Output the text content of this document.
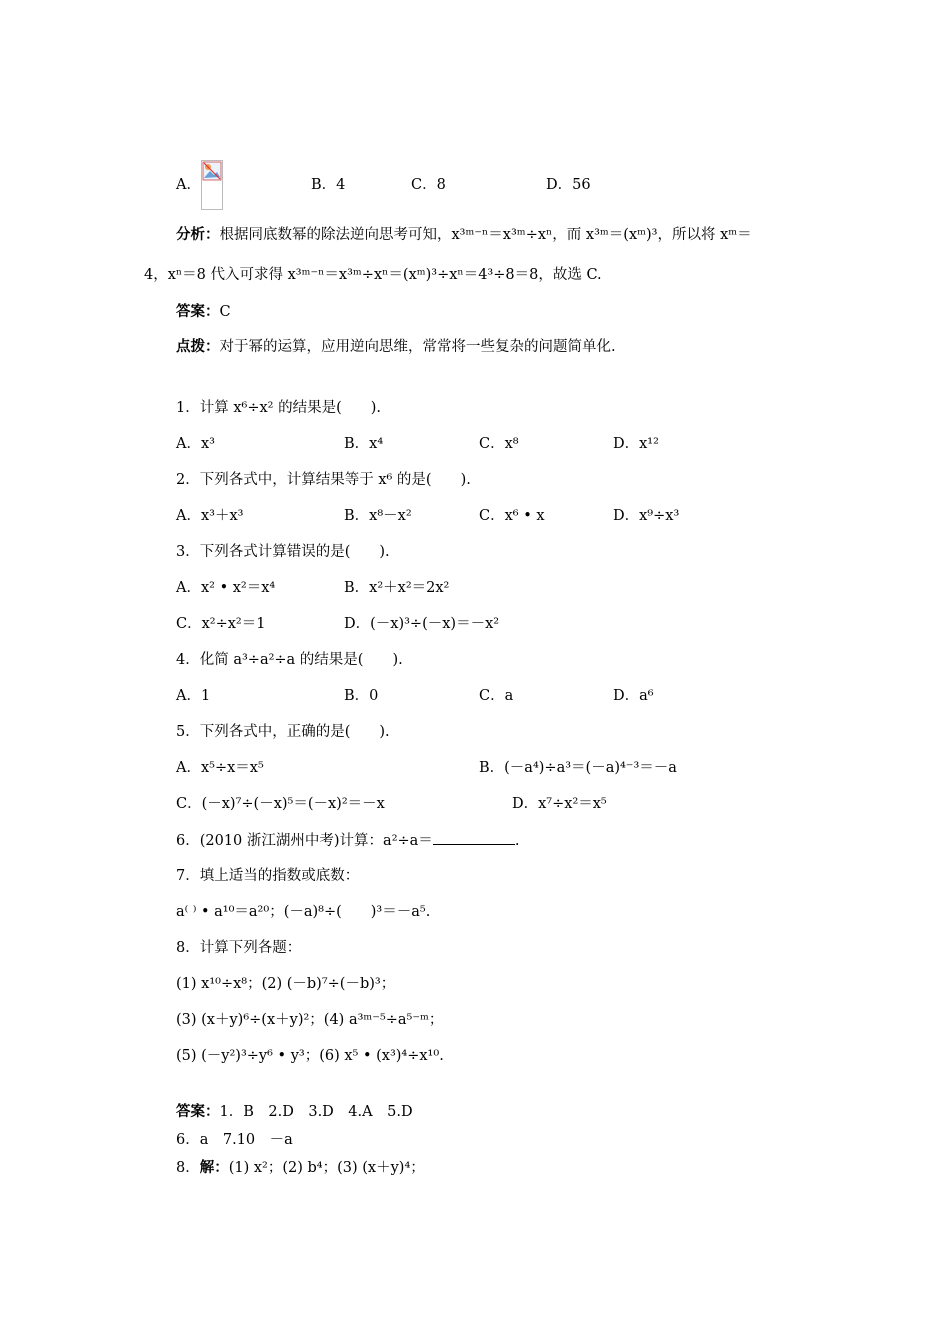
A．	B．4	C．8	D．56
分析：根据同底数幂的除法逆向思考可知，x³ᵐ⁻ⁿ＝x³ᵐ÷xⁿ，而 x³ᵐ＝(xᵐ)³，所以将 xᵐ＝
4，xⁿ＝8 代入可求得 x³ᵐ⁻ⁿ＝x³ᵐ÷xⁿ＝(xᵐ)³÷xⁿ＝4³÷8＝8，故选 C.
答案：C
点拨：对于幂的运算，应用逆向思维，常常将一些复杂的问题简单化.
1．计算 x⁶÷x² 的结果是(　　).
A．x³	B．x⁴	C．x⁸	D．x¹²
2．下列各式中，计算结果等于 x⁶ 的是(　　).
A．x³＋x³	B．x⁸－x²	C．x⁶ • x	D．x⁹÷x³
3．下列各式计算错误的是(　　).
A．x² • x²＝x⁴	B．x²＋x²＝2x²
C．x²÷x²＝1	D．(－x)³÷(－x)＝－x²
4．化简 a³÷a²÷a 的结果是(　　).
A．1	B．0	C．a	D．a⁶
5．下列各式中，正确的是(　　).
A．x⁵÷x＝x⁵	B．(－a⁴)÷a³＝(－a)⁴⁻³＝－a
C．(－x)⁷÷(－x)⁵＝(－x)²＝－x	D．x⁷÷x²＝x⁵
6．(2010 浙江湖州中考)计算：a²÷a＝	.
7．填上适当的指数或底数：
a⁽ ⁾ • a¹⁰＝a²⁰；(－a)⁸÷(　　)³＝－a⁵.
8．计算下列各题：
(1) x¹⁰÷x⁸；(2) (－b)⁷÷(－b)³；
(3) (x＋y)⁶÷(x＋y)²；(4) a³ᵐ⁻⁵÷a⁵⁻ᵐ；
(5) (－y²)³÷y⁶ • y³；(6) x⁵ • (x³)⁴÷x¹⁰.
答案：1．B　2.D　3.D　4.A　5.D
6．a　7.10　－a
8．解：(1) x²；(2) b⁴；(3) (x＋y)⁴；
